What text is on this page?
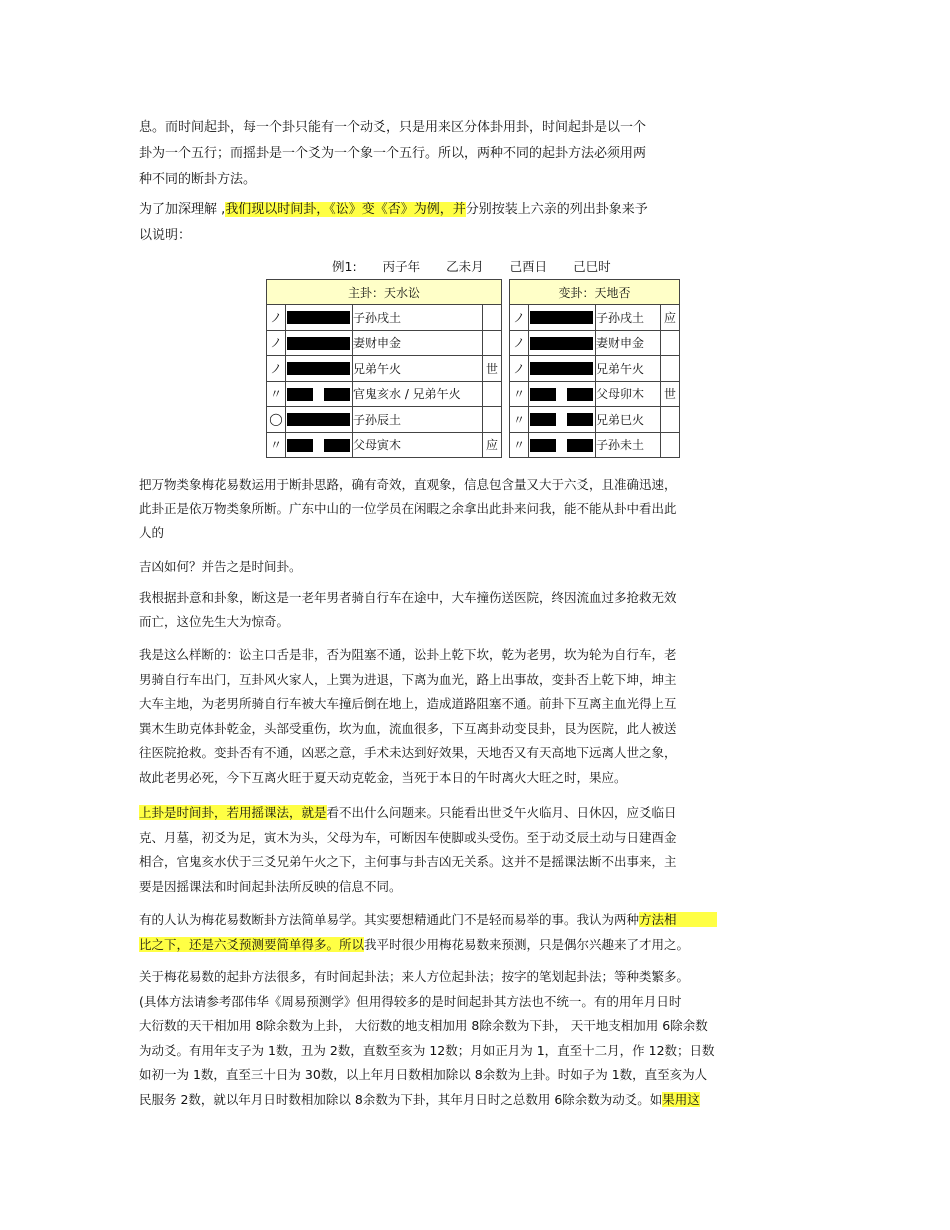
息。而时间起卦，每一个卦只能有一个动爻，只是用来区分体卦用卦，时间起卦是以一个
卦为一个五行；而摇卦是一个爻为一个象一个五行。所以，两种不同的起卦方法必须用两
种不同的断卦方法。
为了加深理解 ,我们现以时间卦，《讼》变《否》为例，并分别按装上六亲的列出卦象来予
以说明：
例1: 丙子年 乙未月 己酉日 己巳时
主卦：天水讼			
ノ		子孙戌土	
ノ		妻财申金	
ノ		兄弟午火	世
〃		官鬼亥水 / 兄弟午火	
◯		子孙辰土	
〃		父母寅木	应
变卦：天地否			
ノ		子孙戌土	应
ノ		妻财申金	
ノ		兄弟午火	
〃		父母卯木	世
〃		兄弟巳火	
〃		子孙未土	
把万物类象梅花易数运用于断卦思路，确有奇效，直观象，信息包含量又大于六爻，且准确迅速，
此卦正是依万物类象所断。广东中山的一位学员在闲暇之余拿出此卦来问我，能不能从卦中看出此
人的
吉凶如何？并告之是时间卦。
我根据卦意和卦象，断这是一老年男者骑自行车在途中，大车撞伤送医院，终因流血过多抢救无效
而亡，这位先生大为惊奇。
我是这么样断的：讼主口舌是非，否为阻塞不通，讼卦上乾下坎，乾为老男，坎为轮为自行车，老
男骑自行车出门，互卦风火家人，上巽为进退，下离为血光，路上出事故，变卦否上乾下坤，坤主
大车主地，为老男所骑自行车被大车撞后倒在地上，造成道路阻塞不通。前卦下互离主血光得上互
巽木生助克体卦乾金，头部受重伤，坎为血，流血很多，下互离卦动变艮卦，艮为医院，此人被送
往医院抢救。变卦否有不通，凶恶之意，手术未达到好效果，天地否又有天高地下远离人世之象，
故此老男必死，今下互离火旺于夏天动克乾金，当死于本日的午时离火大旺之时，果应。
上卦是时间卦，若用摇课法，就是看不出什么问题来。只能看出世爻午火临月、日休囚，应爻临日
克、月墓，初爻为足，寅木为头，父母为车，可断因车使脚或头受伤。至于动爻辰土动与日建酉金
相合，官鬼亥水伏于三爻兄弟午火之下，主何事与卦吉凶无关系。这并不是摇课法断不出事来，主
要是因摇课法和时间起卦法所反映的信息不同。
有的人认为梅花易数断卦方法简单易学。其实要想精通此门不是轻而易举的事。我认为两种方法相
比之下，还是六爻预测要简单得多。所以我平时很少用梅花易数来预测，只是偶尔兴趣来了才用之。
关于梅花易数的起卦方法很多，有时间起卦法；来人方位起卦法；按字的笔划起卦法；等种类繁多。
(具体方法请参考邵伟华《周易预测学》但用得较多的是时间起卦其方法也不统一。有的用年月日时
大衍数的天干相加用 8除余数为上卦， 大衍数的地支相加用 8除余数为下卦， 天干地支相加用 6除余数
为动爻。有用年支子为 1数，丑为 2数，直数至亥为 12数；月如正月为 1，直至十二月，作 12数；日数
如初一为 1数，直至三十日为 30数，以上年月日数相加除以 8余数为上卦。时如子为 1数，直至亥为人
民服务 2数，就以年月日时数相加除以 8余数为下卦，其年月日时之总数用 6除余数为动爻。如果用这
